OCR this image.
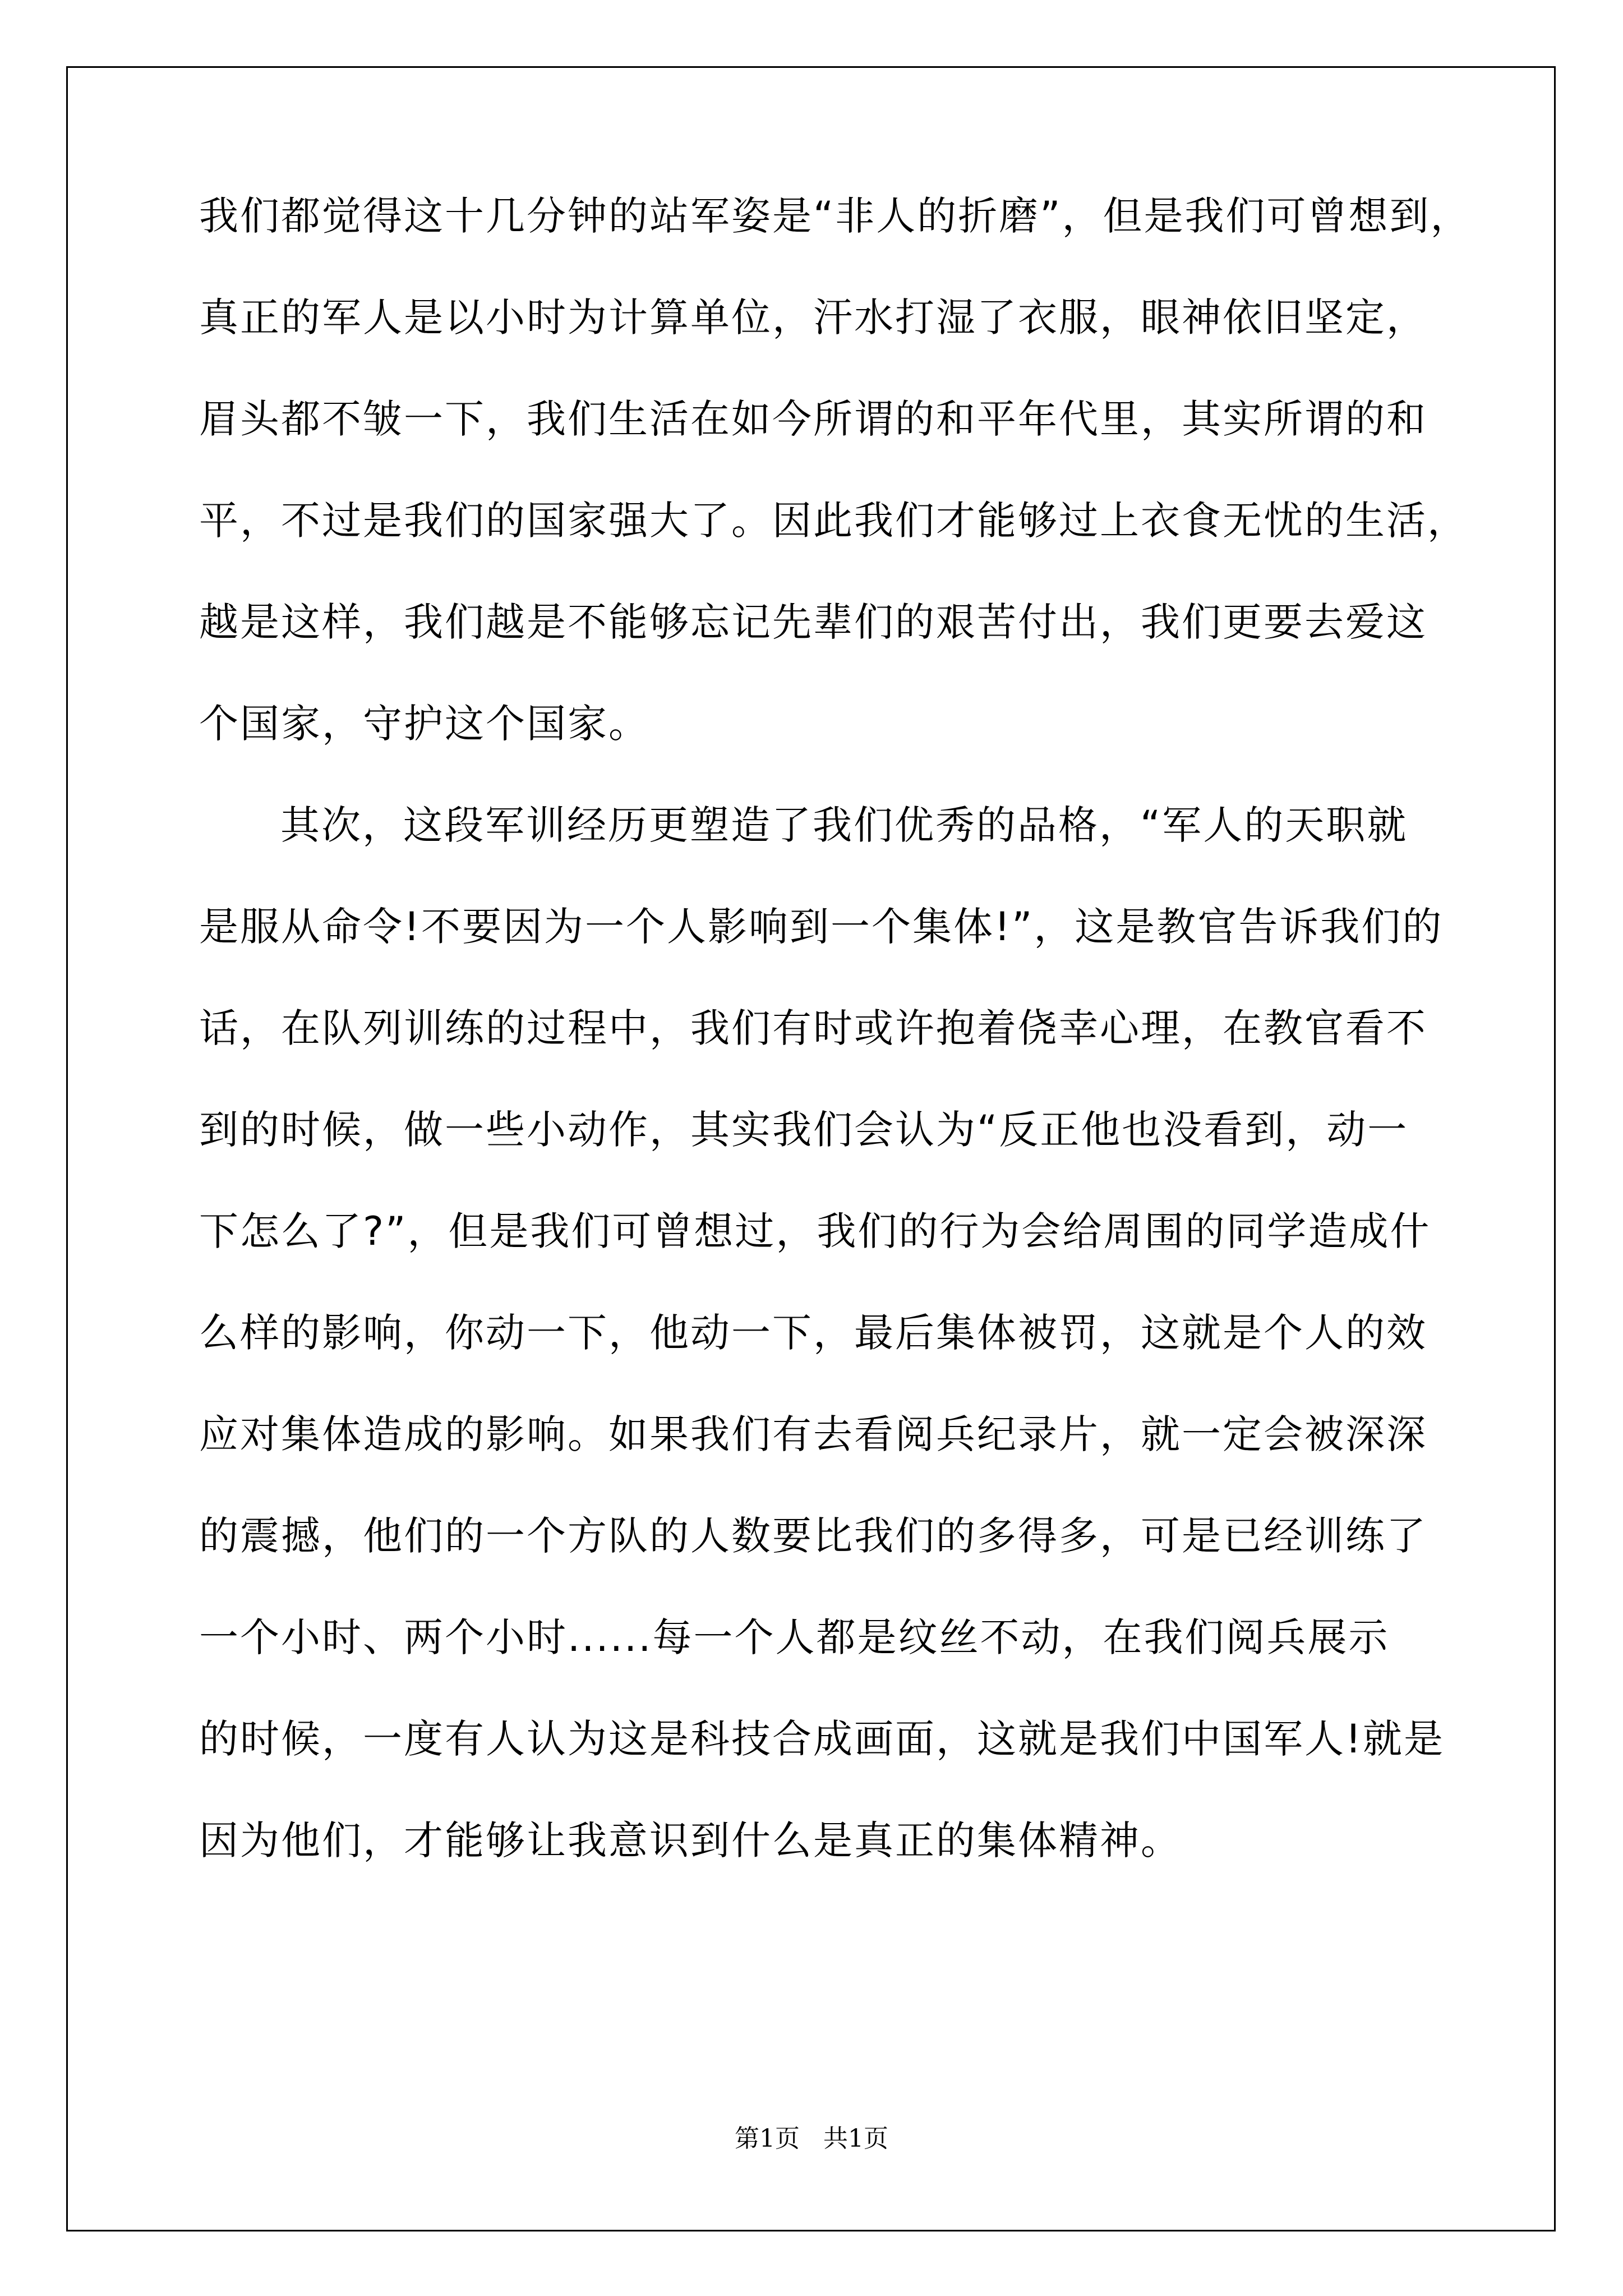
我们都觉得这十几分钟的站军姿是“非人的折磨”，但是我们可曾想到，
真正的军人是以小时为计算单位，汗水打湿了衣服，眼神依旧坚定，
眉头都不皱一下，我们生活在如今所谓的和平年代里，其实所谓的和
平，不过是我们的国家强大了。因此我们才能够过上衣食无忧的生活，
越是这样，我们越是不能够忘记先辈们的艰苦付出，我们更要去爱这
个国家，守护这个国家。
其次，这段军训经历更塑造了我们优秀的品格，“军人的天职就
是服从命令!不要因为一个人影响到一个集体!”，这是教官告诉我们的
话，在队列训练的过程中，我们有时或许抱着侥幸心理，在教官看不
到的时候，做一些小动作，其实我们会认为“反正他也没看到，动一
下怎么了?”，但是我们可曾想过，我们的行为会给周围的同学造成什
么样的影响，你动一下，他动一下，最后集体被罚，这就是个人的效
应对集体造成的影响。如果我们有去看阅兵纪录片，就一定会被深深
的震撼，他们的一个方队的人数要比我们的多得多，可是已经训练了
一个小时、两个小时......每一个人都是纹丝不动，在我们阅兵展示
的时候，一度有人认为这是科技合成画面，这就是我们中国军人!就是
因为他们，才能够让我意识到什么是真正的集体精神。
第1页   共1页
